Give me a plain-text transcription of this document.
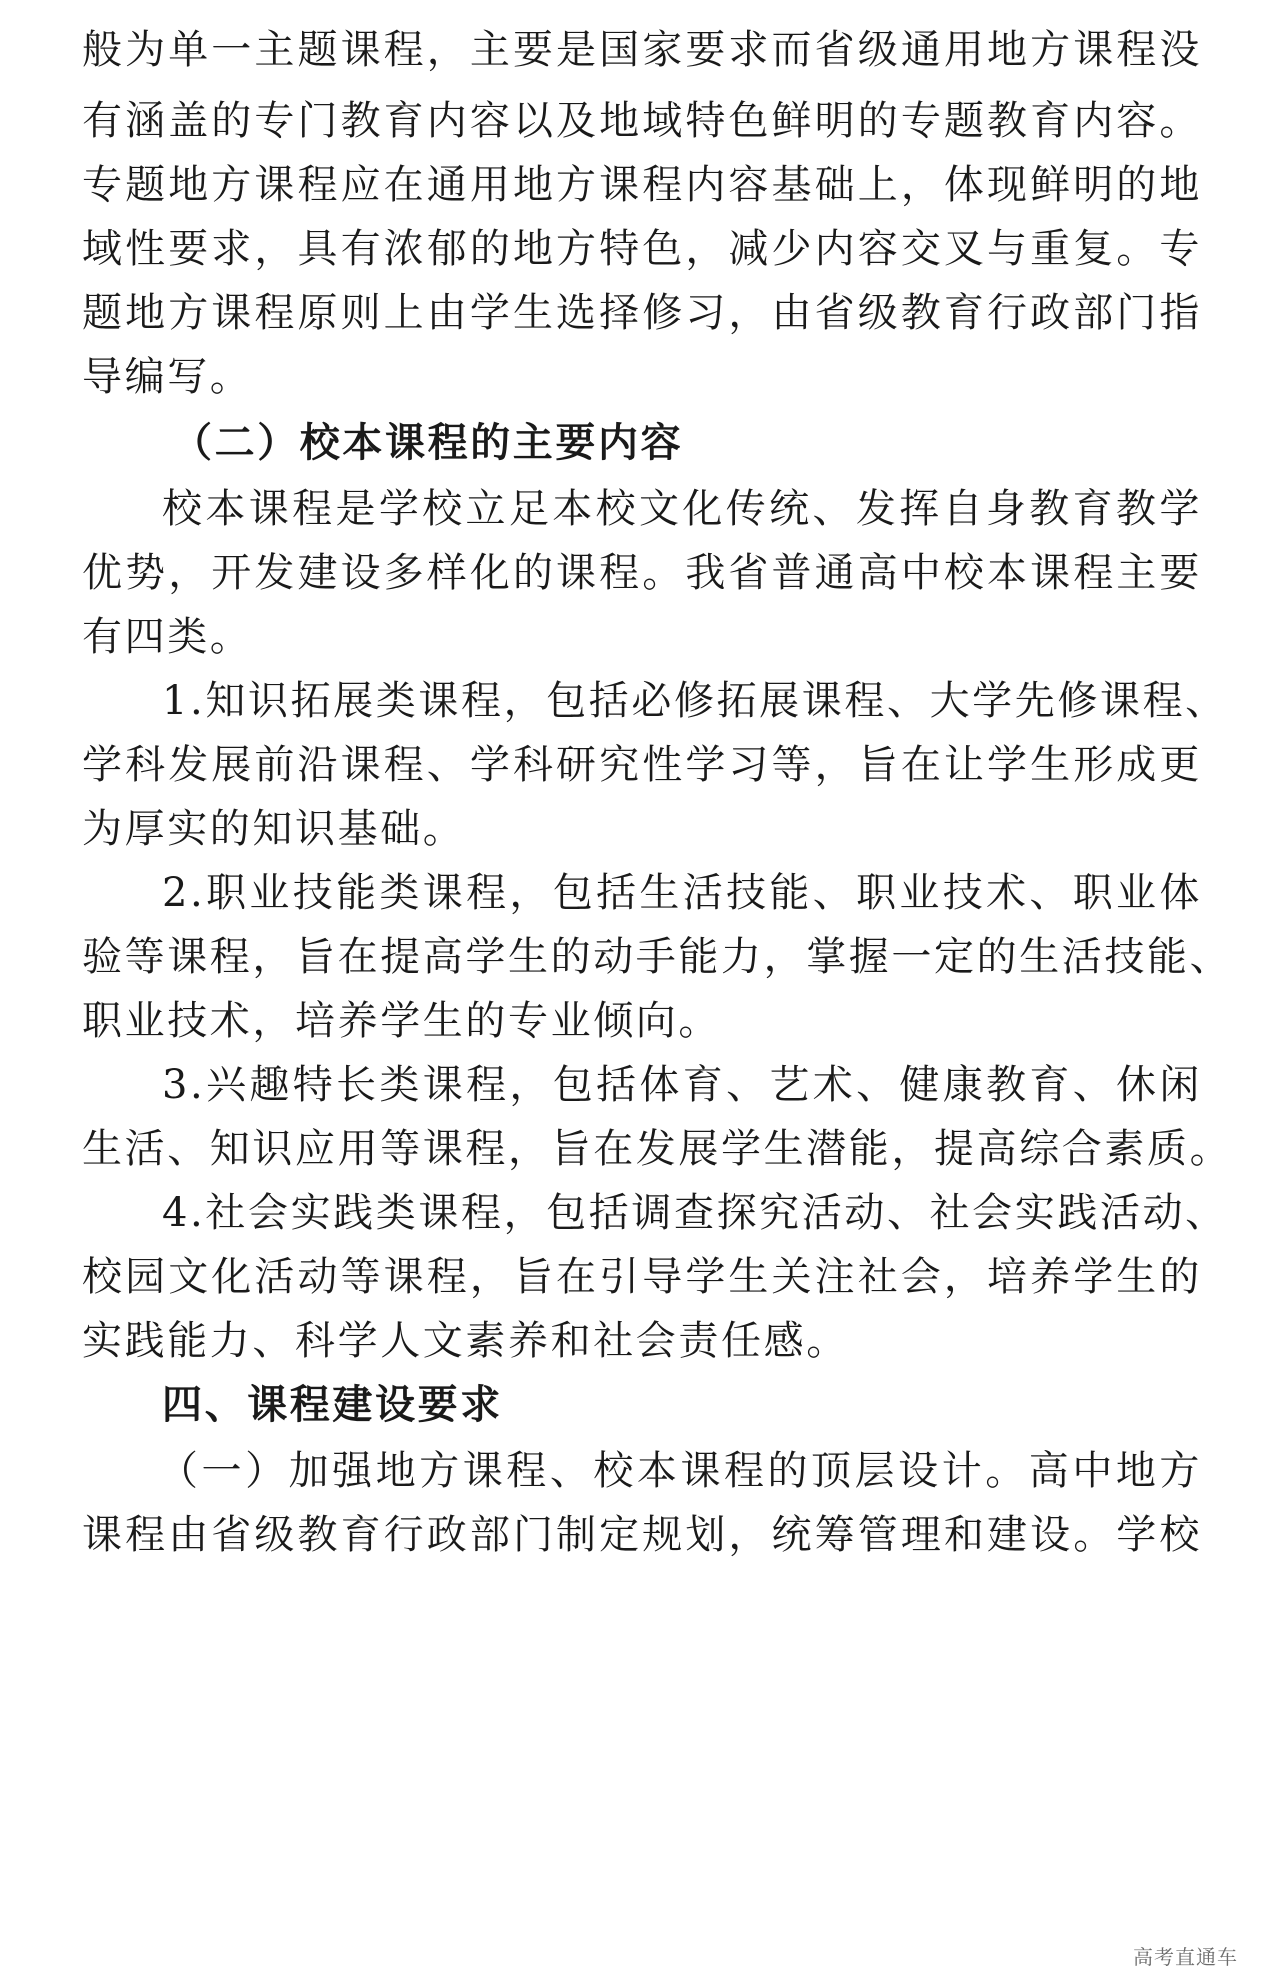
般为单一主题课程，主要是国家要求而省级通用地方课程没
有涵盖的专门教育内容以及地域特色鲜明的专题教育内容。
专题地方课程应在通用地方课程内容基础上，体现鲜明的地
域性要求，具有浓郁的地方特色，减少内容交叉与重复。专
题地方课程原则上由学生选择修习，由省级教育行政部门指
导编写。
（二）校本课程的主要内容
校本课程是学校立足本校文化传统、发挥自身教育教学
优势，开发建设多样化的课程。我省普通高中校本课程主要
有四类。
1.知识拓展类课程，包括必修拓展课程、大学先修课程、
学科发展前沿课程、学科研究性学习等，旨在让学生形成更
为厚实的知识基础。
2.职业技能类课程，包括生活技能、职业技术、职业体
验等课程，旨在提高学生的动手能力，掌握一定的生活技能、
职业技术，培养学生的专业倾向。
3.兴趣特长类课程，包括体育、艺术、健康教育、休闲
生活、知识应用等课程，旨在发展学生潜能，提高综合素质。
4.社会实践类课程，包括调查探究活动、社会实践活动、
校园文化活动等课程，旨在引导学生关注社会，培养学生的
实践能力、科学人文素养和社会责任感。
四、课程建设要求
（一）加强地方课程、校本课程的顶层设计。高中地方
课程由省级教育行政部门制定规划，统筹管理和建设。学校
高考直通车
